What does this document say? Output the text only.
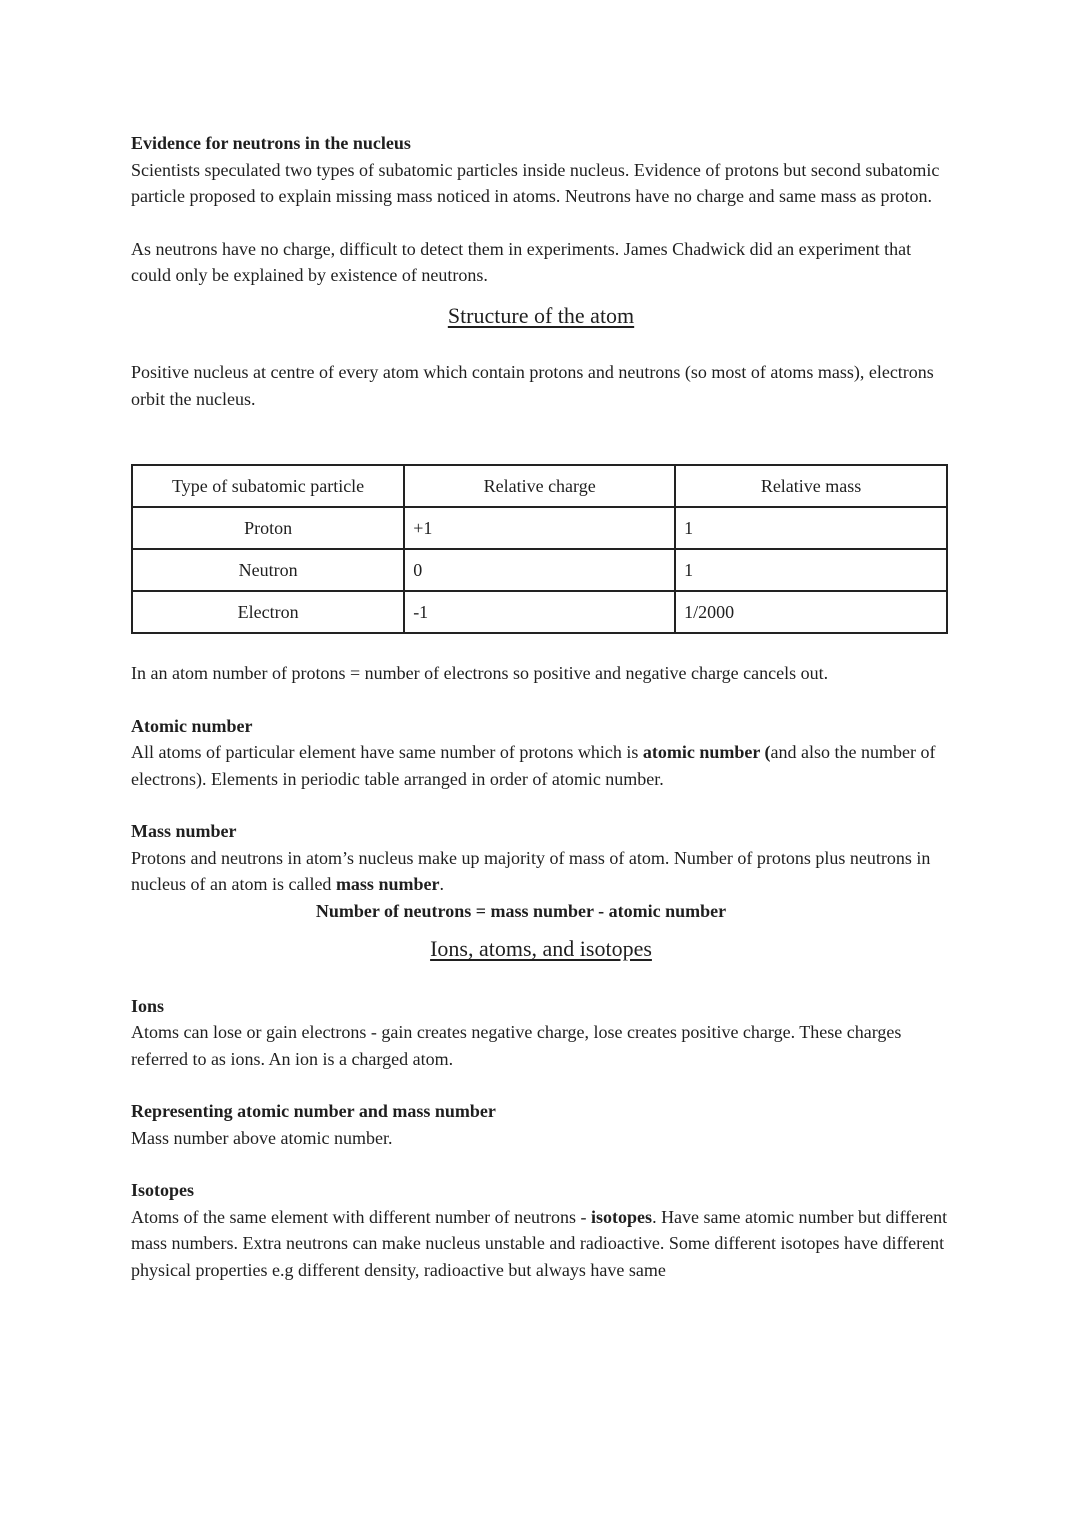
Evidence for neutrons in the nucleus

Scientists speculated two types of subatomic particles inside nucleus. Evidence of protons but second subatomic particle proposed to explain missing mass noticed in atoms. Neutrons have no charge and same mass as proton.

As neutrons have no charge, difficult to detect them in experiments. James Chadwick did an experiment that could only be explained by existence of neutrons.

Structure of the atom

Positive nucleus at centre of every atom which contain protons and neutrons (so most of atoms mass), electrons orbit the nucleus.

Type of subatomic particle	Relative charge	Relative mass
Proton	+1	1
Neutron	0	1
Electron	-1	1/2000

In an atom number of protons = number of electrons so positive and negative charge cancels out.

Atomic number

All atoms of particular element have same number of protons which is atomic number (and also the number of electrons). Elements in periodic table arranged in order of atomic number.

Mass number

Protons and neutrons in atom’s nucleus make up majority of mass of atom. Number of protons plus neutrons in nucleus of an atom is called mass number.

Number of neutrons = mass number - atomic number

Ions, atoms, and isotopes

Ions

Atoms can lose or gain electrons - gain creates negative charge, lose creates positive charge. These charges referred to as ions. An ion is a charged atom.

Representing atomic number and mass number

Mass number above atomic number.

Isotopes

Atoms of the same element with different number of neutrons - isotopes. Have same atomic number but different mass numbers. Extra neutrons can make nucleus unstable and radioactive. Some different isotopes have different physical properties e.g different density, radioactive but always have same
